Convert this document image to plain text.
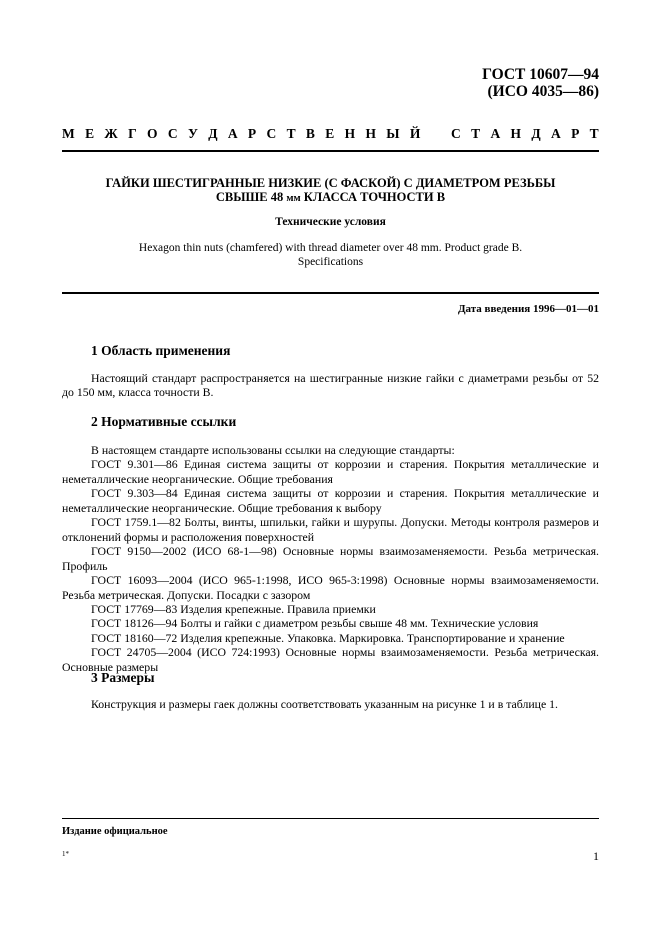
ГОСТ 10607—94
(ИСО 4035—86)
М Е Ж Г О С У Д А Р С Т В Е Н Н Ы Й С Т А Н Д А Р Т
ГАЙКИ ШЕСТИГРАННЫЕ НИЗКИЕ (С ФАСКОЙ) С ДИАМЕТРОМ РЕЗЬБЫ
СВЫШЕ 48 мм КЛАССА ТОЧНОСТИ В
Технические условия
Hexagon thin nuts (chamfered) with thread diameter over 48 mm. Product grade B.
Specifications
Дата введения 1996—01—01
1 Область применения

Настоящий стандарт распространяется на шестигранные низкие гайки с диаметрами резьбы от 52 до 150 мм, класса точности В.

2 Нормативные ссылки

В настоящем стандарте использованы ссылки на следующие стандарты:

ГОСТ 9.301—86 Единая система защиты от коррозии и старения. Покрытия металлические и неметаллические неорганические. Общие требования

ГОСТ 9.303—84 Единая система защиты от коррозии и старения. Покрытия металлические и неметаллические неорганические. Общие требования к выбору

ГОСТ 1759.1—82 Болты, винты, шпильки, гайки и шурупы. Допуски. Методы контроля размеров и отклонений формы и расположения поверхностей

ГОСТ 9150—2002 (ИСО 68-1—98) Основные нормы взаимозаменяемости. Резьба метрическая. Профиль

ГОСТ 16093—2004 (ИСО 965-1:1998, ИСО 965-3:1998) Основные нормы взаимозаменяемости. Резьба метрическая. Допуски. Посадки с зазором

ГОСТ 17769—83 Изделия крепежные. Правила приемки

ГОСТ 18126—94 Болты и гайки с диаметром резьбы свыше 48 мм. Технические условия

ГОСТ 18160—72 Изделия крепежные. Упаковка. Маркировка. Транспортирование и хранение

ГОСТ 24705—2004 (ИСО 724:1993) Основные нормы взаимозаменяемости. Резьба метрическая. Основные размеры

3 Размеры

Конструкция и размеры гаек должны соответствовать указанным на рисунке 1 и в таблице 1.

Издание официальное
1*	1
